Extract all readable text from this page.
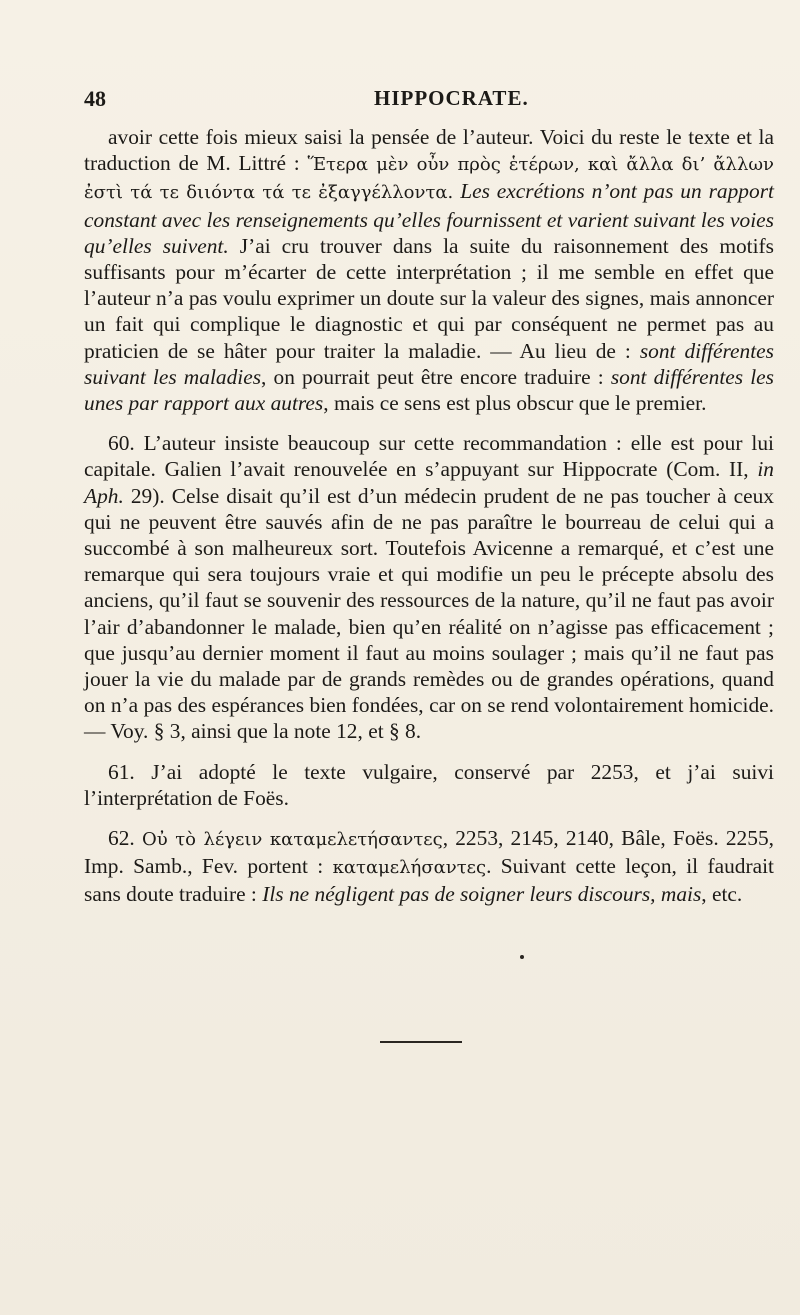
48	HIPPOCRATE.

avoir cette fois mieux saisi la pensée de l’auteur. Voici du reste le texte et la traduction de M. Littré : Ἕτερα μὲν οὖν πρὸς ἑτέρων, καὶ ἄλλα δι’ ἄλλων ἐστὶ τά τε διιόντα τά τε ἐξαγγέλλοντα. Les excrétions n’ont pas un rapport constant avec les renseignements qu’elles fournissent et varient suivant les voies qu’elles suivent. J’ai cru trouver dans la suite du raisonnement des motifs suffisants pour m’écarter de cette interprétation ; il me semble en effet que l’auteur n’a pas voulu exprimer un doute sur la valeur des signes, mais annoncer un fait qui complique le diagnostic et qui par conséquent ne permet pas au praticien de se hâter pour traiter la maladie. — Au lieu de : sont différentes suivant les maladies, on pourrait peut être encore traduire : sont différentes les unes par rapport aux autres, mais ce sens est plus obscur que le premier.

60. L’auteur insiste beaucoup sur cette recommandation : elle est pour lui capitale. Galien l’avait renouvelée en s’appuyant sur Hippocrate (Com. II, in Aph. 29). Celse disait qu’il est d’un médecin prudent de ne pas toucher à ceux qui ne peuvent être sauvés afin de ne pas paraître le bourreau de celui qui a succombé à son malheureux sort. Toutefois Avicenne a remarqué, et c’est une remarque qui sera toujours vraie et qui modifie un peu le précepte absolu des anciens, qu’il faut se souvenir des ressources de la nature, qu’il ne faut pas avoir l’air d’abandonner le malade, bien qu’en réalité on n’agisse pas efficacement ; que jusqu’au dernier moment il faut au moins soulager ; mais qu’il ne faut pas jouer la vie du malade par de grands remèdes ou de grandes opérations, quand on n’a pas des espérances bien fondées, car on se rend volontairement homicide. — Voy. § 3, ainsi que la note 12, et § 8.

61. J’ai adopté le texte vulgaire, conservé par 2253, et j’ai suivi l’interprétation de Foës.

62. Οὐ τὸ λέγειν καταμελετήσαντες, 2253, 2145, 2140, Bâle, Foës. 2255, Imp. Samb., Fev. portent : καταμελήσαντες. Suivant cette leçon, il faudrait sans doute traduire : Ils ne négligent pas de soigner leurs discours, mais, etc.
